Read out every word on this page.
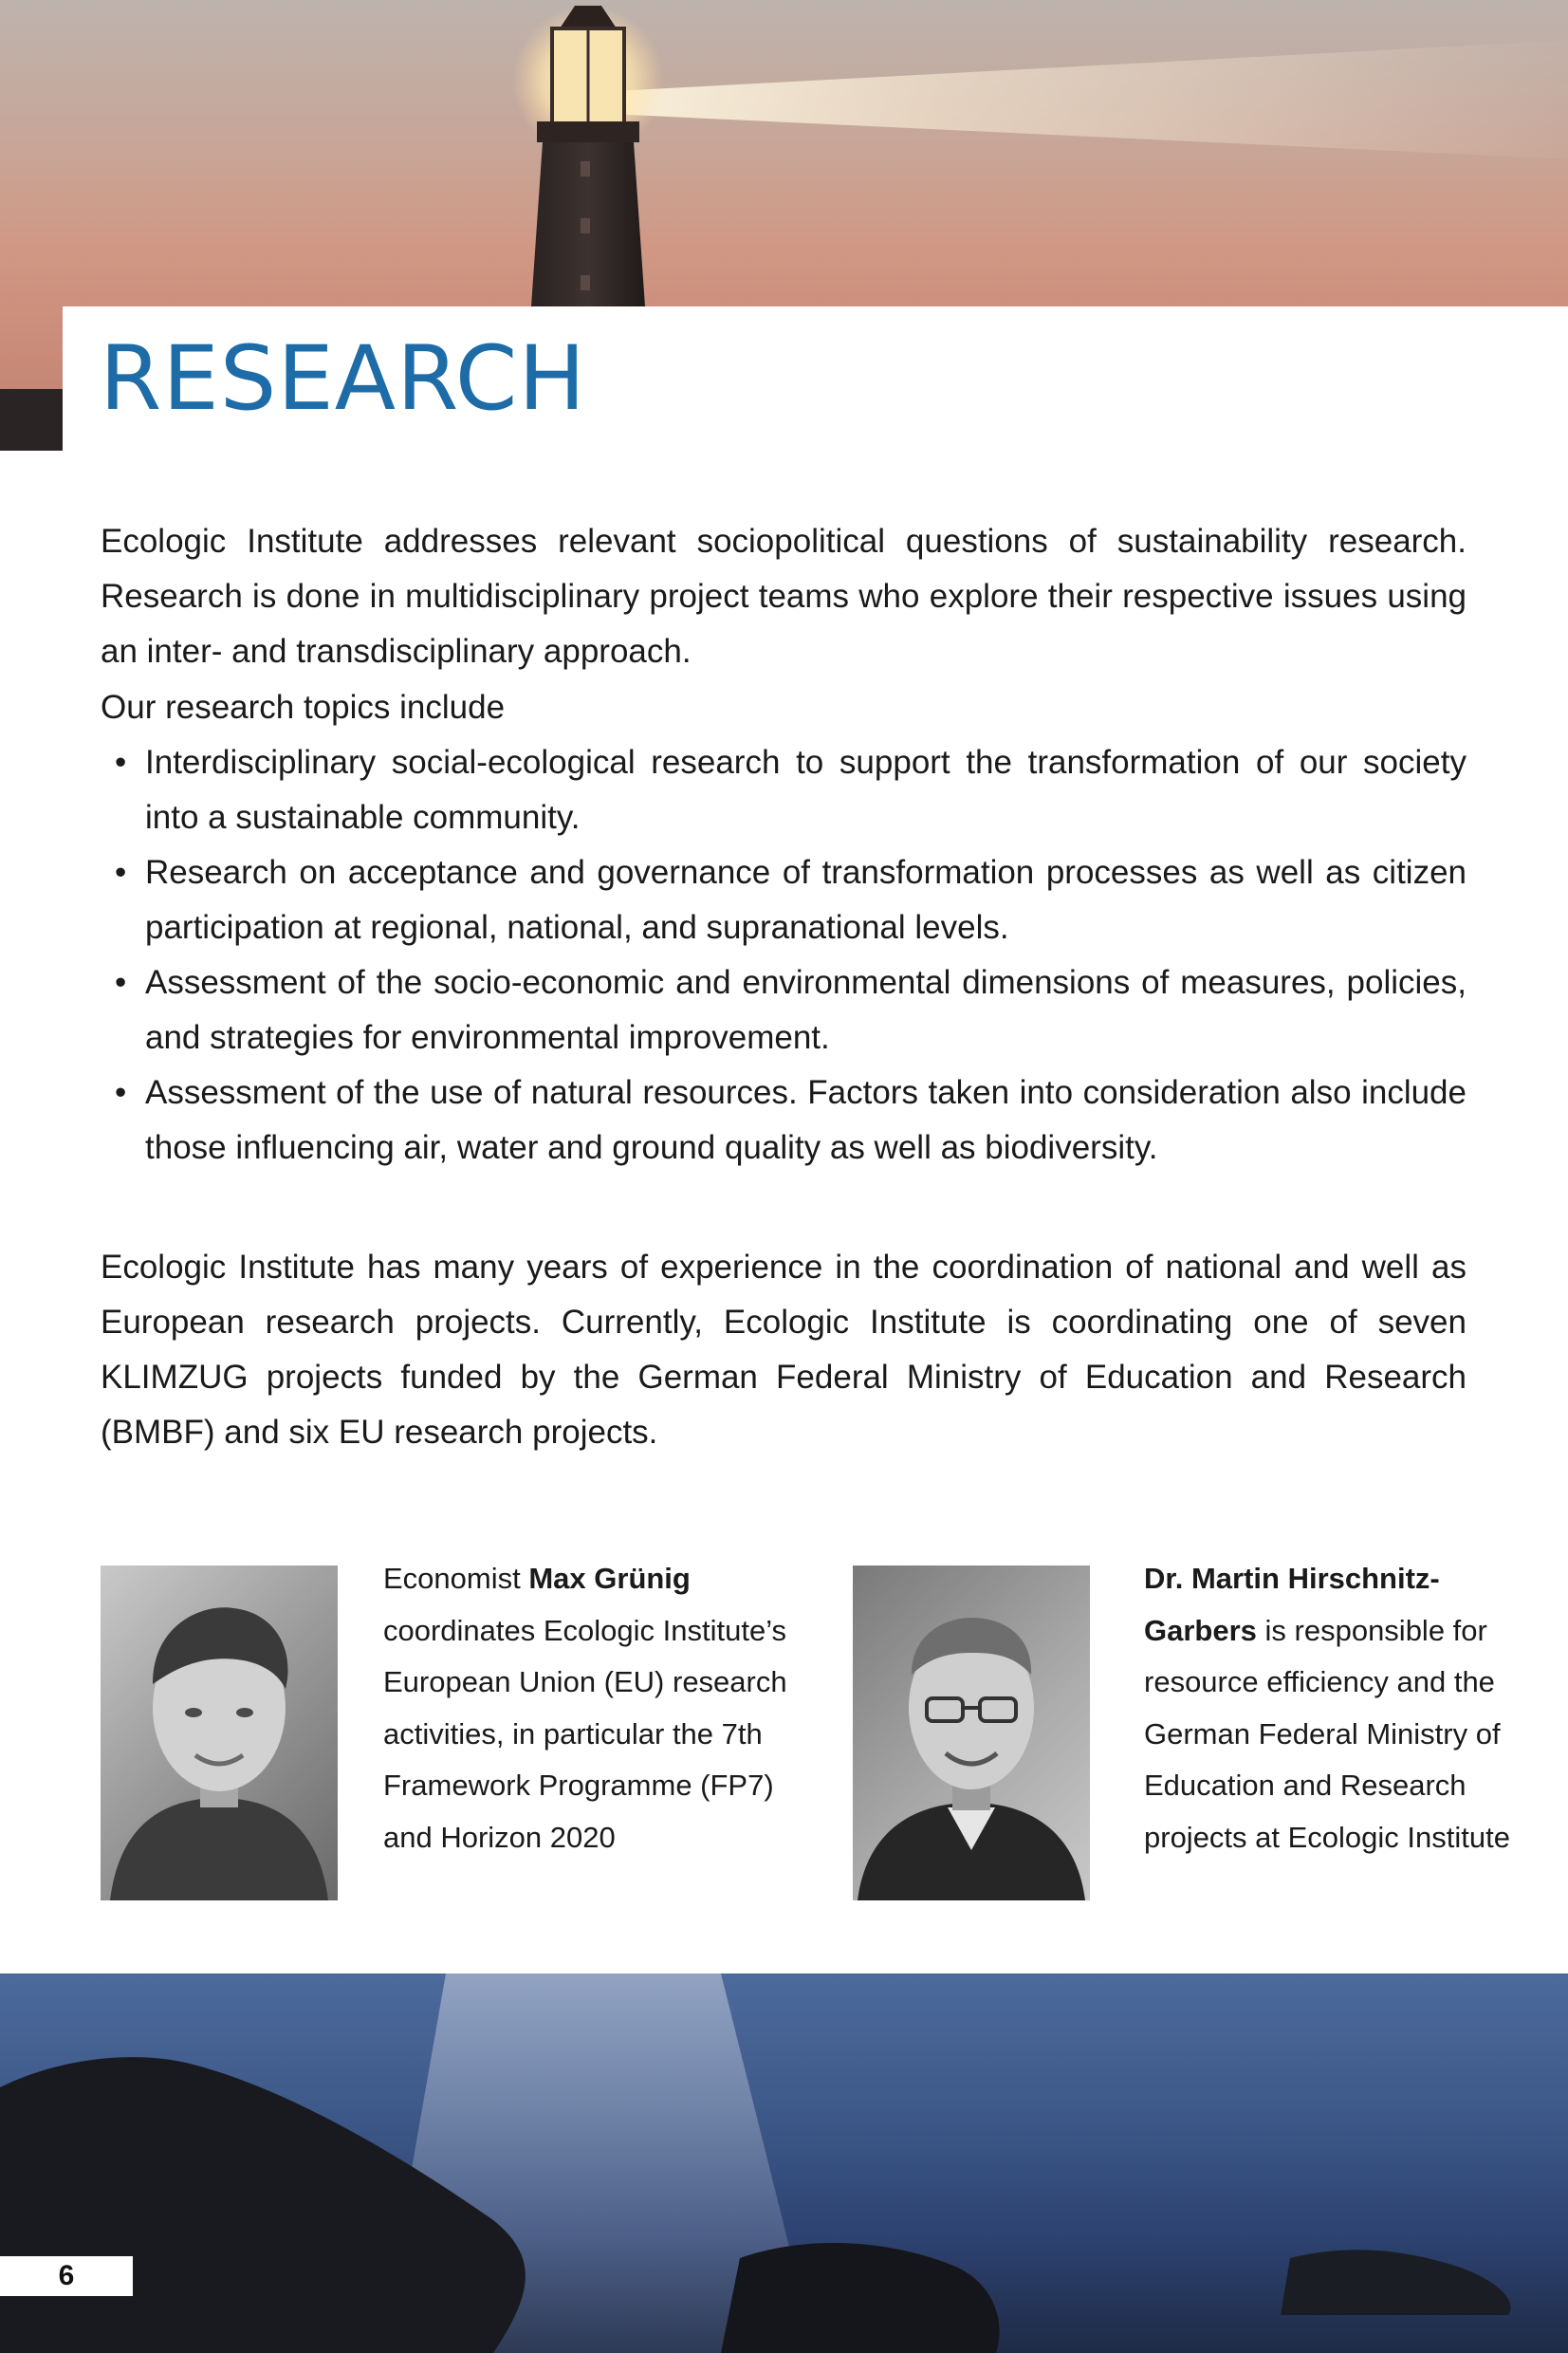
RESEARCH

Ecologic Institute addresses relevant sociopolitical questions of sustainability research. Research is done in multidisciplinary project teams who explore their respective issues using an inter- and transdisciplinary approach.

Our research topics include

• Interdisciplinary social-ecological research to support the transformation of our society into a sustainable community.
• Research on acceptance and governance of transformation processes as well as citizen participation at regional, national, and supranational levels.
• Assessment of the socio-economic and environmental dimensions of measures, policies, and strategies for environmental improvement.
• Assessment of the use of natural resources. Factors taken into consideration also include those influencing air, water and ground quality as well as biodiversity.

Ecologic Institute has many years of experience in the coordination of national and well as European research projects. Currently, Ecologic Institute is coordinating one of seven KLIMZUG projects funded by the German Federal Ministry of Education and Research (BMBF) and six EU research projects.

Economist Max Grünig coordinates Ecologic Institute’s European Union (EU) research activities, in particular the 7th Framework Programme (FP7) and Horizon 2020

Dr. Martin Hirschnitz-Garbers is responsible for resource efficiency and the German Federal Ministry of Education and Research projects at Ecologic Institute

6
